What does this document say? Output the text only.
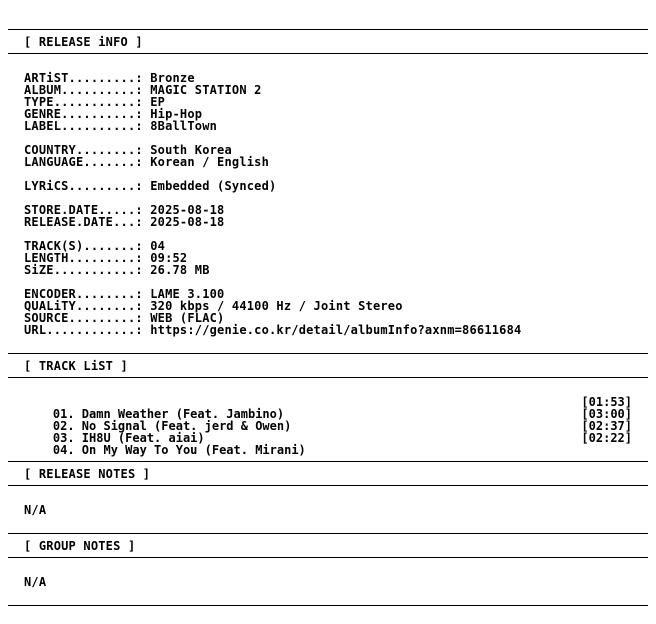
[ RELEASE iNFO ]
ARTiST.........: Bronze
ALBUM..........: MAGIC STATION 2
TYPE...........: EP
GENRE..........: Hip-Hop
LABEL..........: 8BallTown
COUNTRY........: South Korea
LANGUAGE.......: Korean / English
LYRiCS.........: Embedded (Synced)
STORE.DATE.....: 2025-08-18
RELEASE.DATE...: 2025-08-18
TRACK(S).......: 04
LENGTH.........: 09:52
SiZE...........: 26.78 MB
ENCODER........: LAME 3.100
QUALiTY........: 320 kbps / 44100 Hz / Joint Stereo
SOURCE.........: WEB (FLAC)
URL............: https://genie.co.kr/detail/albumInfo?axnm=86611684
[ TRACK LiST ]

01. Damn Weather (Feat. Jambino)

[01:53]

02. No Signal (Feat. jerd & Owen)

[03:00]

03. IH8U (Feat. aiai)

[02:37]

04. On My Way To You (Feat. Mirani)

[02:22]

[ RELEASE NOTES ]
N/A
[ GROUP NOTES ]
N/A
